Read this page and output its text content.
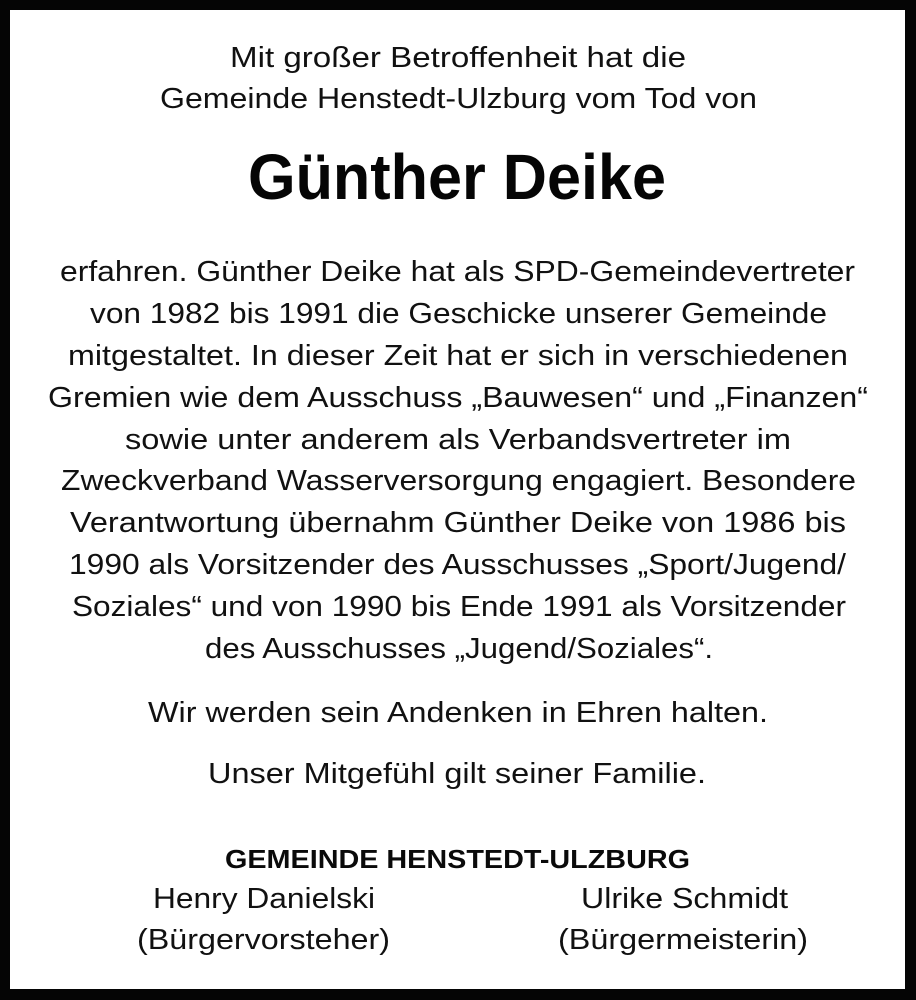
Mit großer Betroffenheit hat die
Gemeinde Henstedt-Ulzburg vom Tod von
Günther Deike
erfahren. Günther Deike hat als SPD-Gemeindevertreter
von 1982 bis 1991 die Geschicke unserer Gemeinde
mitgestaltet. In dieser Zeit hat er sich in verschiedenen
Gremien wie dem Ausschuss „Bauwesen“ und „Finanzen“
sowie unter anderem als Verbandsvertreter im
Zweckverband Wasserversorgung engagiert. Besondere
Verantwortung übernahm Günther Deike von 1986 bis
1990 als Vorsitzender des Ausschusses „Sport/Jugend/
Soziales“ und von 1990 bis Ende 1991 als Vorsitzender
des Ausschusses „Jugend/Soziales“.
Wir werden sein Andenken in Ehren halten.
Unser Mitgefühl gilt seiner Familie.
GEMEINDE HENSTEDT-ULZBURG
Henry Danielski
(Bürgervorsteher)
Ulrike Schmidt
(Bürgermeisterin)
